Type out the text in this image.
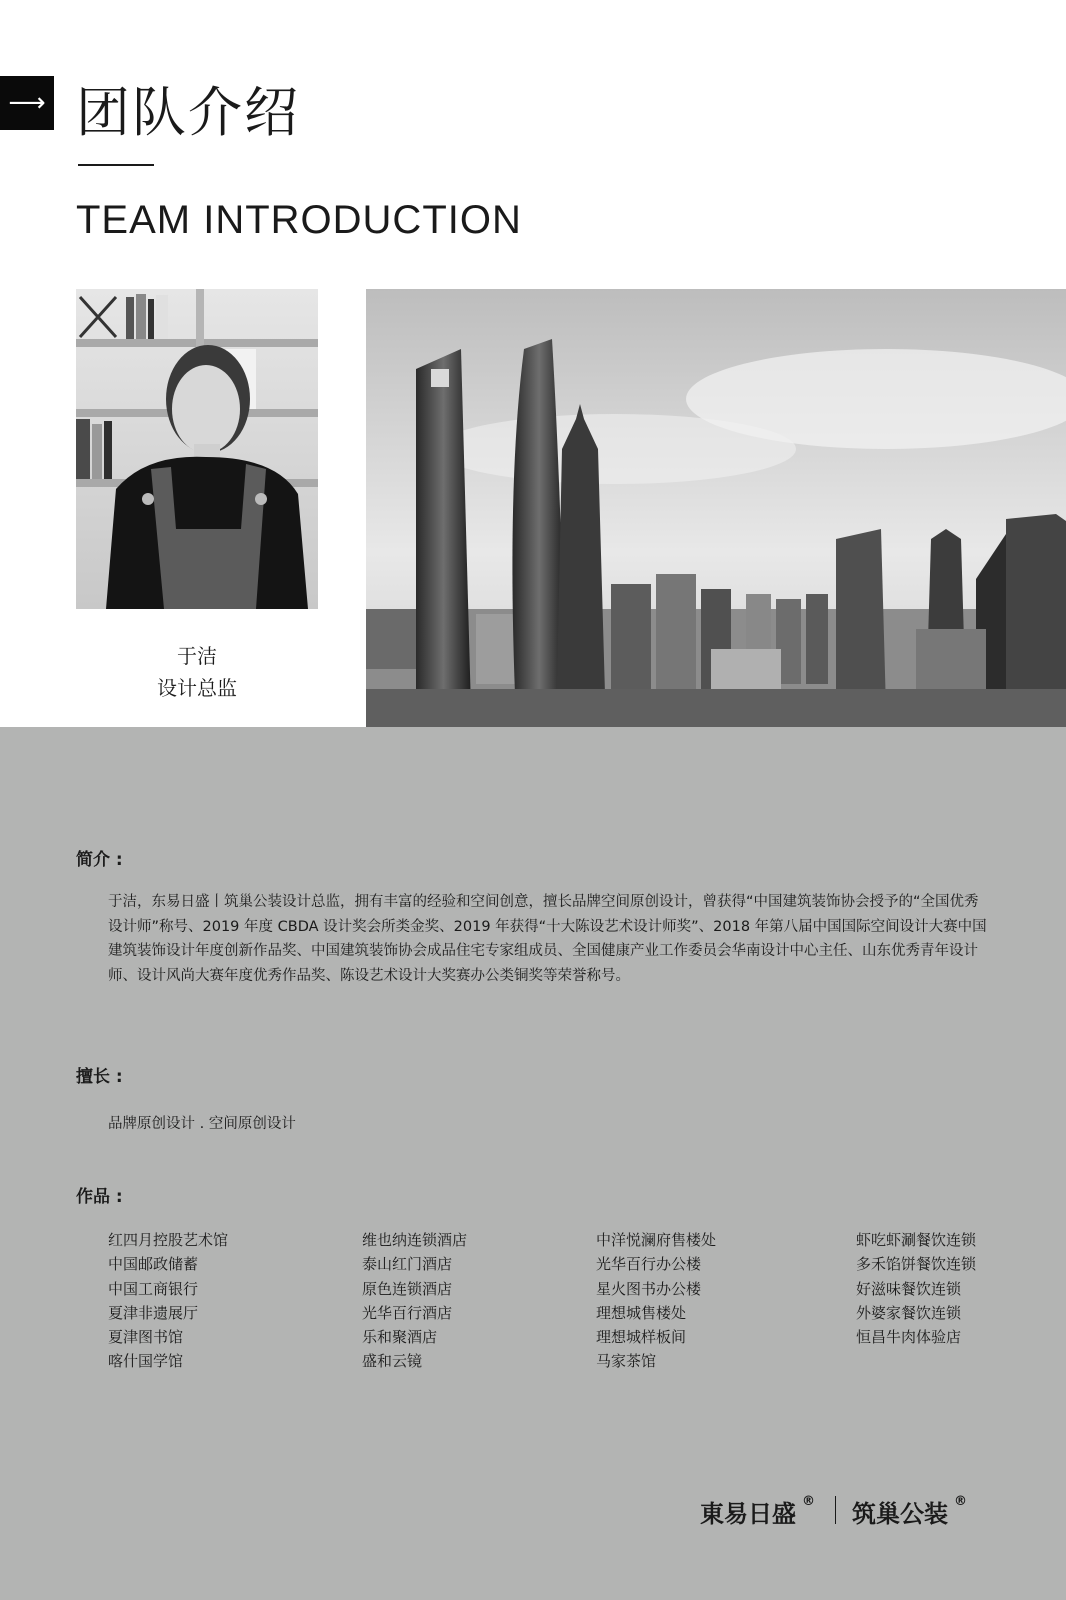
⟶ 团队介绍
TEAM INTRODUCTION
于洁
设计总监
简介 :
于洁，东易日盛丨筑巢公装设计总监，拥有丰富的经验和空间创意，擅长品牌空间原创设计，曾获得“中国建筑装饰协会授予的“全国优秀设计师”称号、2019 年度 CBDA 设计奖会所类金奖、2019 年获得“十大陈设艺术设计师奖”、2018 年第八届中国国际空间设计大赛中国建筑装饰设计年度创新作品奖、中国建筑装饰协会成品住宅专家组成员、全国健康产业工作委员会华南设计中心主任、山东优秀青年设计师、设计风尚大赛年度优秀作品奖、陈设艺术设计大奖赛办公类铜奖等荣誉称号。
擅长 :
品牌原创设计 . 空间原创设计
作品 :
红四月控股艺术馆
中国邮政储蓄
中国工商银行
夏津非遗展厅
夏津图书馆
喀什国学馆
维也纳连锁酒店
泰山红门酒店
原色连锁酒店
光华百行酒店
乐和聚酒店
盛和云镜
中洋悦澜府售楼处
光华百行办公楼
星火图书办公楼
理想城售楼处
理想城样板间
马家茶馆
虾吃虾涮餐饮连锁
多禾馅饼餐饮连锁
好滋味餐饮连锁
外婆家餐饮连锁
恒昌牛肉体验店
東易日盛 ® 筑巢公装 ®
